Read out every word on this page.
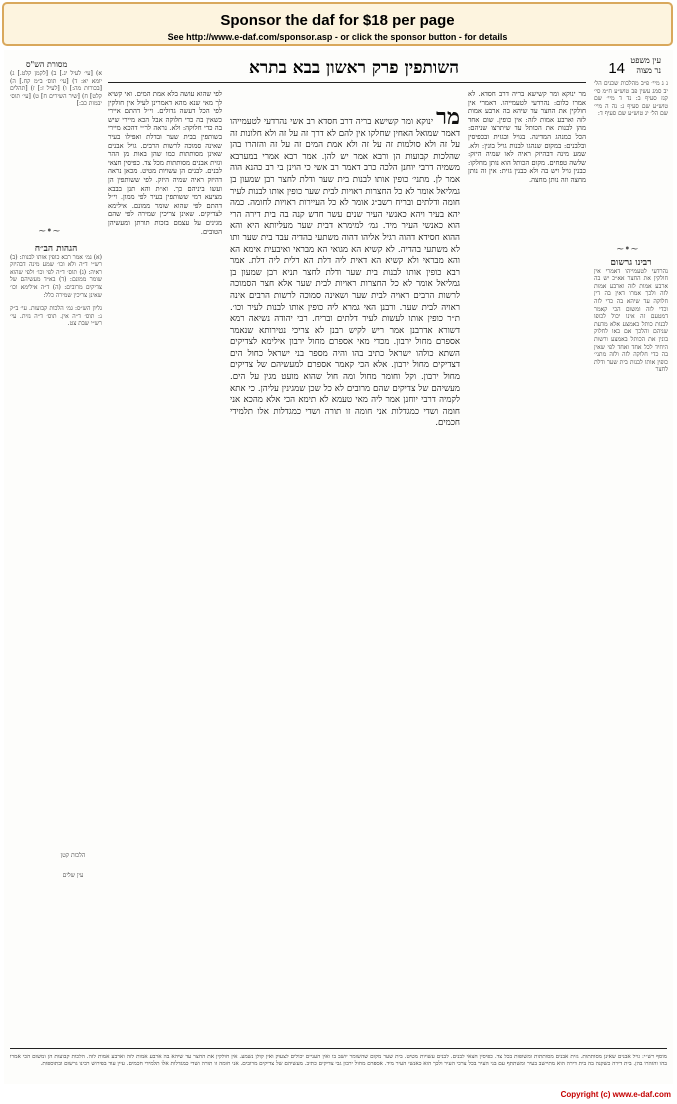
Sponsor the daf for $18 per page
See http://www.e-daf.com/sponsor.asp - or click the sponsor button - for details
עין משפט
נר מצוה
14
השותפין פרק ראשון בבא בתרא
מסורת הש"ס
נ ג מיי׳ פ״ב מהלכות שכנים הל׳ יב סמג עשין פב טוש״ע ח״מ סי׳ קנז סעיף ב: נד ד מיי׳ שם טוש״ע שם סעיף ג: נה ה מיי׳ שם הל׳ יג טוש״ע שם סעיף ד:
רבינו גרשום
נהרדעי לטעמייהו דאמרי אין חולקין את החצר אא״כ יש בה ארבע אמות לזה וארבע אמות לזה ולכך אמרו דאין בה דין חלוקה עד שיהא בה כדי לזה וכדי לזה ומשום הכי קאמר דמטעם זה אינו יכול לכופו לבנות כותל באמצע אלא מדעת שניהם והלכך אם באו לחלוק בונין את הכותל באמצע ורשות היחיד לכל אחד ואחד לפי שאין בה כדי חלוקה לזה ולזה מתני׳ כופין אותו לבנות בית שער ודלת לחצר
~•~
מר ינוקא ומר קשישא בריה דרב חסדא. לא אמרו כלום: נהרדעי לטעמייהו. דאמרי אין חולקין את החצר עד שיהא בה ארבע אמות לזה וארבע אמות לזה: אין כופין. שום אחד מהן לבנות את הכותל עד שיתרצו שניהם: הכל כמנהג המדינה. בגויל ובגזית ובכפיסין ובלבנים: במקום שנהגו לבנות גויל בונין: ולא. שמע מינה דבהיזק ראיה לאו שמיה היזק: שלשה טפחים. מקום הכותל הוא נותן מחלקו: כבנין גויל ויש בה ולא כבנין גזית: אין זה נותן מחצה וזה נותן מחצה.
מר ינוקא ומר קשישא בריה דרב חסדא רב אשי נהרדעי לטעמייהו דאמר שמואל האחין שחלקו אין להם לא דרך זה על זה ולא חלונות זה על זה ולא סולמות זה על זה ולא אמת המים זה על זה והזהרו בהן שהלכות קבועות הן ורבא אמר יש להן. אמר רבא אמרי במערבא משמיה דרבי יוחנן הלכה כרב דאמר רב אשי כי הוינן בי רב כהנא הוה אמר לן. מתני׳ כופין אותו לבנות בית שער ודלת לחצר רבן שמעון בן גמליאל אומר לא כל החצרות ראויות לבית שער כופין אותו לבנות לעיר חומה ודלתים ובריח רשב״ג אומר לא כל העיירות ראויות לחומה. כמה יהא בעיר ויהא כאנשי העיר שנים עשר חדש קנה בה בית דירה הרי הוא כאנשי העיר מיד. גמ׳ למימרא דבית שער מעליותא היא והא ההוא חסידא דהוה רגיל אליהו דהוה משתעי בהדיה עבד בית שער ותו לא משתעי בהדיה. לא קשיא הא מגואי הא מבראי ואיבעית אימא הא והא מבראי ולא קשיא הא דאית ליה דלת הא דלית ליה דלת. אמר רבא כופין אותו לבנות בית שער ודלת לחצר תניא רבן שמעון בן גמליאל אומר לא כל החצרות ראויות לבית שער אלא חצר הסמוכה לרשות הרבים ראויה לבית שער ושאינה סמוכה לרשות הרבים אינה ראויה לבית שער. ורבנן האי גמרא ליה כופין אותו לבנות לעיר וכו׳. ת״ר כופין אותו לעשות לעיר דלתים ובריח. רבי יהודה נשיאה רמא דשורא אדרבנן אמר ריש לקיש רבנן לא צריכי נטירותא שנאמר אספרם מחול ירבון. מכדי מאי אספרם מחול ירבון אילימא לצדיקים השתא כולהו ישראל כתיב בהו והיה מספר בני ישראל כחול הים דצדיקים מחול ירבון. אלא הכי קאמר אספרם למעשיהם של צדיקים מחול ירבון. וקל וחומר מחול ומה חול שהוא מועט מגין על הים. מעשיהם של צדיקים שהם מרובים לא כל שכן שמגינין עליהן. כי אתא לקמיה דרבי יוחנן אמר ליה מאי טעמא לא תימא הכי אלא מהכא אני חומה ושדי כמגדלות אני חומה זו תורה ושדי כמגדלות אלו תלמידי חכמים.
לפי שהוא עושה בלא אמת המים. ואי קשיא לך מאי שנא מהא דאמרינן לעיל אין חולקין לפי הכל דעשה גדולים. וי״ל דהתם איירי כשאין בה כדי חלוקה אבל הכא מיירי שיש בה כדי חלוקה: ולא. נראה לר״י דהכא מיירי בשותפין בבית שער ובדלת ואפילו בעיר שאינה סמוכה לרשות הרבים. גויל אבנים שאינן מסותתות כמו שהן באות מן ההר וגזית אבנים מסותתות מכל צד. כפיסין חצאי לבנים. לבנים הן עשויות מטיט. מכאן נראה דהיזק ראיה שמיה היזק. לפי ששותפין הן ועשו ביניהם כך. וא״ת והא תנן בבבא מציעא דמי ששותפין בעיר לפי ממון. וי״ל דהתם לפי שהוא שומר ממונם. אילימא לצדיקים. שאינן צריכין שמירה לפי שהם מגינים על עצמם בזכות תורתן ומעשיהן הטובים.
א) [עי׳ לעיל יג.] ב) [לקמן קלט.] ג) יומא יא: ד) [עי׳ תוס׳ ב״מ קח.] ה) [בכורות מה:] ו) [לעיל ז:] ז) [תהלים קלט] ח) [שיר השירים ח] ט) [עי׳ תוס׳ יבמות כב:]
~•~
הגהות הב״ח
(א) גמ׳ אמר רבא כופין אותו לבנות: (ב) רש״י ד״ה ולא וכו׳ שמע מינה דבהיזק ראיה: (ג) תוס׳ ד״ה לפי וכו׳ ולפי שהוא שומר ממונם: (ד) בא״ד מעשיהם של צדיקים מרובים: (ה) ד״ה אילימא וכו׳ שאינן צריכין שמירה כלל:
גליון הש״ס: גמ׳ הלכות קבועות. עי׳ ב״ק נ: תוס׳ ד״ה אין. תוס׳ ד״ה גזית. עי׳ רש״י שבת צט.
הלכות קטן
עין שלים
מוסף רש״י: גויל אבנים שאינן מסותתות. גזית אבנים מסותתות ומשופות בכל צד. כפיסין חצאי לבנים. לבנים עשויות מטיט. בית שער מקום שהשומר יושב בו ואין העניים יכולים לצעוק ואין קולן נשמע. אין חולקין את החצר עד שיהא בה ארבע אמות לזה וארבע אמות לזה. הלכות קבועות הן ומשום הכי אמרו בהו והזהרו בהן. בית דירה כשקנה בה בית דירה הוא מתיישב בעיר ומשתתף עם בני העיר בכל צרכי העיר ולכך הוא כאנשי העיר מיד. אספרם מחול ירבון גבי צדיקים כתיב. מעשיהם של צדיקים מרובים. אני חומה זו תורה ושדי כמגדלות אלו תלמידי חכמים. עיין עוד בפירוש רבינו גרשום ובתוספות.
Copyright (c) www.e-daf.com
